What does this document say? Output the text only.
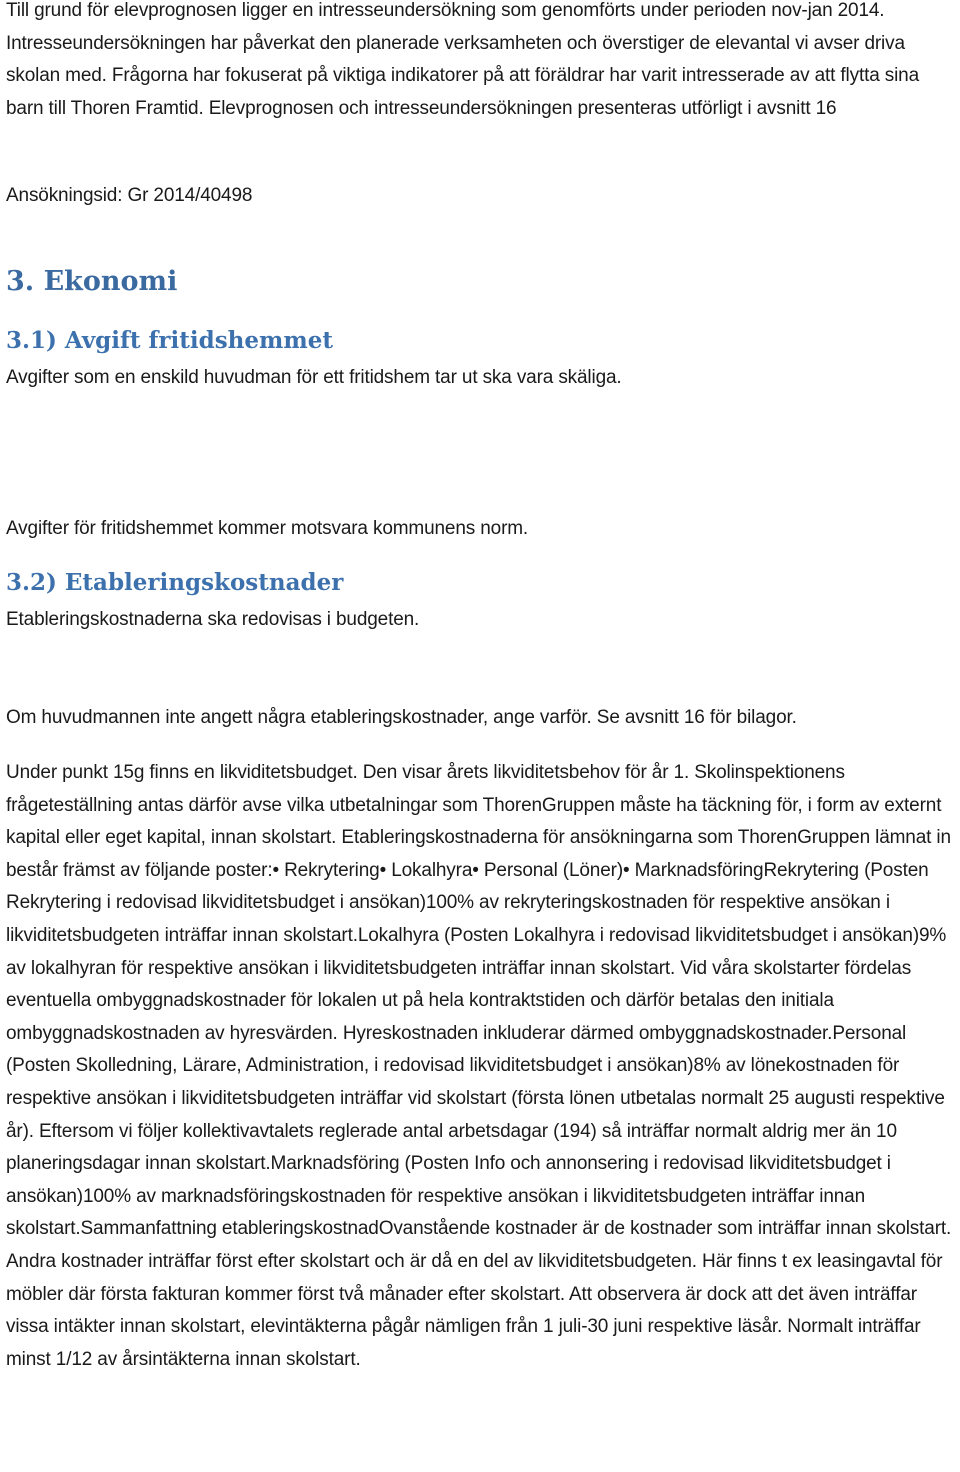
Till grund för elevprognosen ligger en intresseundersökning som genomförts under perioden nov-jan 2014. Intresseundersökningen har påverkat den planerade verksamheten och överstiger de elevantal vi avser driva skolan med. Frågorna har fokuserat på viktiga indikatorer på att föräldrar har varit intresserade av att flytta sina barn till Thoren Framtid. Elevprognosen och intresseundersökningen presenteras utförligt i avsnitt 16

Ansökningsid: Gr 2014/40498

3. Ekonomi
3.1) Avgift fritidshemmet

Avgifter som en enskild huvudman för ett fritidshem tar ut ska vara skäliga.

Avgifter för fritidshemmet kommer motsvara kommunens norm.

3.2) Etableringskostnader

Etableringskostnaderna ska redovisas i budgeten.

Om huvudmannen inte angett några etableringskostnader, ange varför. Se avsnitt 16 för bilagor.

Under punkt 15g finns en likviditetsbudget. Den visar årets likviditetsbehov för år 1. Skolinspektionens frågeteställning antas därför avse vilka utbetalningar som ThorenGruppen måste ha täckning för, i form av externt kapital eller eget kapital, innan skolstart. Etableringskostnaderna för ansökningarna som ThorenGruppen lämnat in består främst av följande poster:• Rekrytering• Lokalhyra• Personal (Löner)• MarknadsföringRekrytering (Posten Rekrytering i redovisad likviditetsbudget i ansökan)100% av rekryteringskostnaden för respektive ansökan i likviditetsbudgeten inträffar innan skolstart.Lokalhyra (Posten Lokalhyra i redovisad likviditetsbudget i ansökan)9% av lokalhyran för respektive ansökan i likviditetsbudgeten inträffar innan skolstart. Vid våra skolstarter fördelas eventuella ombyggnadskostnader för lokalen ut på hela kontraktstiden och därför betalas den initiala ombyggnadskostnaden av hyresvärden. Hyreskostnaden inkluderar därmed ombyggnadskostnader.Personal (Posten Skolledning, Lärare, Administration, i redovisad likviditetsbudget i ansökan)8% av lönekostnaden för respektive ansökan i likviditetsbudgeten inträffar vid skolstart (första lönen utbetalas normalt 25 augusti respektive år). Eftersom vi följer kollektivavtalets reglerade antal arbetsdagar (194) så inträffar normalt aldrig mer än 10 planeringsdagar innan skolstart.Marknadsföring (Posten Info och annonsering i redovisad likviditetsbudget i ansökan)100% av marknadsföringskostnaden för respektive ansökan i likviditetsbudgeten inträffar innan skolstart.Sammanfattning etableringskostnadOvanstående kostnader är de kostnader som inträffar innan skolstart. Andra kostnader inträffar först efter skolstart och är då en del av likviditetsbudgeten. Här finns t ex leasingavtal för möbler där första fakturan kommer först två månader efter skolstart. Att observera är dock att det även inträffar vissa intäkter innan skolstart, elevintäkterna pågår nämligen från 1 juli-30 juni respektive läsår. Normalt inträffar minst 1/12 av årsintäkterna innan skolstart.
